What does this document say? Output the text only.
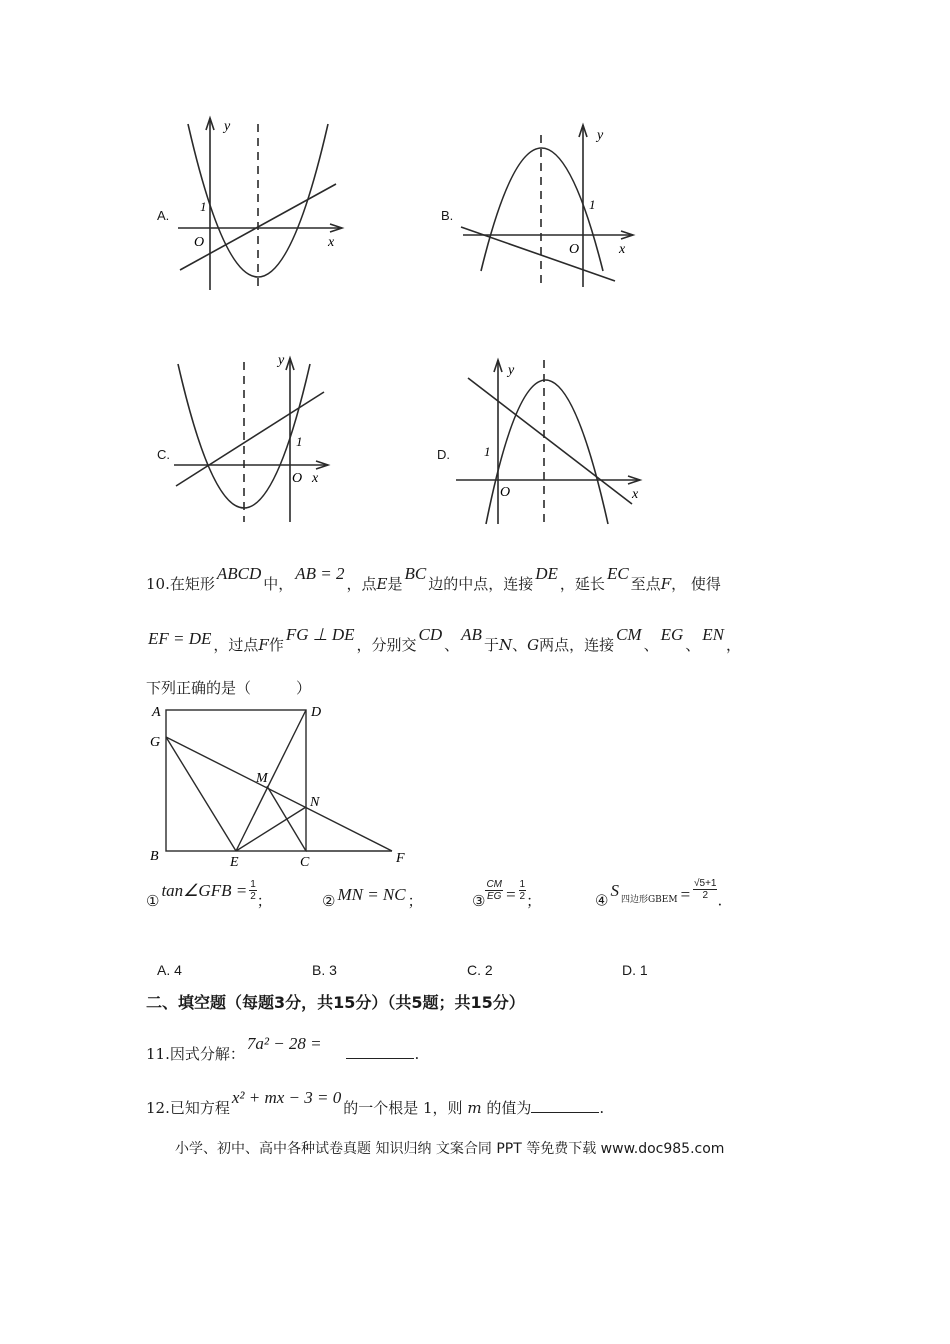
A.
y
x
O
1
B.
y
x
O
1
C.
y
x
O
1
D.
y
x
O
1
10.在矩形ABCD中，AB = 2，点E是BC边的中点，连接DE，延长EC至点F， 使得
EF = DE ，过点F作FG ⊥ DE，分别交CD、AB于N、G两点，连接CM、EG、EN，
下列正确的是（　　　）
A	D
G
M
N
B	E	C	F
①tan∠GFB = $\frac{1}{2}$ ；	② MN = NC ；	③ $\frac{CM}{EG} = \frac{1}{2}$ ；	④S $^{四边形GBEM} = \frac{√5+1}{2}$ .
A. 4	B. 3	C. 2	D. 1
二、填空题（每题3分，共15分）（共5题；共15分）
11.因式分解：7a² − 28 = .
12.已知方程x² + mx − 3 = 0的一个根是 1，则 m 的值为	.
小学、初中、高中各种试卷真题 知识归纳 文案合同 PPT 等免费下载 www.doc985.com
